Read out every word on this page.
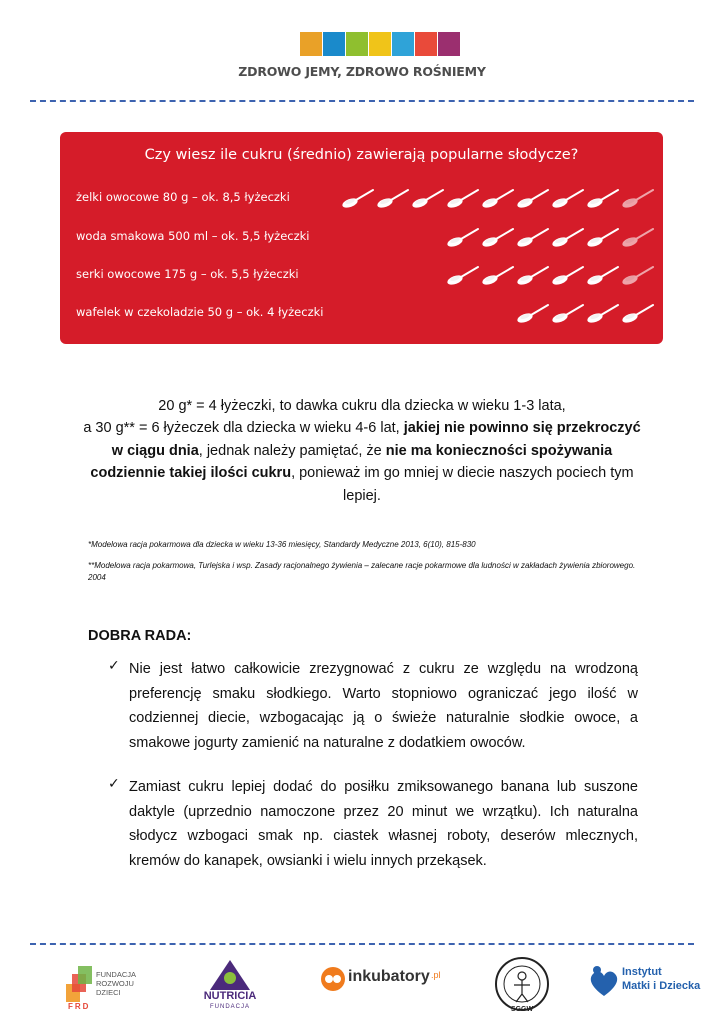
ZDROWO JEMY, ZDROWO ROŚNIEMY
Czy wiesz ile cukru (średnio) zawierają popularne słodycze?
żelki owocowe 80 g – ok. 8,5 łyżeczki
woda smakowa 500 ml – ok. 5,5 łyżeczki
serki owocowe 175 g – ok. 5,5 łyżeczki
wafelek w czekoladzie 50 g – ok. 4 łyżeczki
20 g* = 4 łyżeczki, to dawka cukru dla dziecka w wieku 1-3 lata,
a 30 g** = 6 łyżeczek dla dziecka w wieku 4-6 lat, jakiej nie powinno się przekroczyć w ciągu dnia, jednak należy pamiętać, że nie ma konieczności spożywania codziennie takiej ilości cukru, ponieważ im go mniej w diecie naszych pociech tym lepiej.
*Modelowa racja pokarmowa dla dziecka w wieku 13-36 miesięcy, Standardy Medyczne 2013, 6(10), 815-830
**Modelowa racja pokarmowa, Turlejska i wsp. Zasady racjonalnego żywienia – zalecane racje pokarmowe dla ludności w zakładach żywienia zbiorowego. 2004
DOBRA RADA:
✓ Nie jest łatwo całkowicie zrezygnować z cukru ze względu na wrodzoną preferencję smaku słodkiego. Warto stopniowo ograniczać jego ilość w codziennej diecie, wzbogacając ją o świeże naturalnie słodkie owoce, a smakowe jogurty zamienić na naturalne z dodatkiem owoców.
✓ Zamiast cukru lepiej dodać do posiłku zmiksowanego banana lub suszone daktyle (uprzednio namoczone przez 20 minut we wrzątku). Ich naturalna słodycz wzbogaci smak np. ciastek własnej roboty, deserów mlecznych, kremów do kanapek, owsianki i wielu innych przekąsek.
FUNDACJA ROZWOJU DZIECI
FRD
NUTRICIA
FUNDACJA
inkubatory .pl
SGGW
Instytut
Matki i Dziecka
